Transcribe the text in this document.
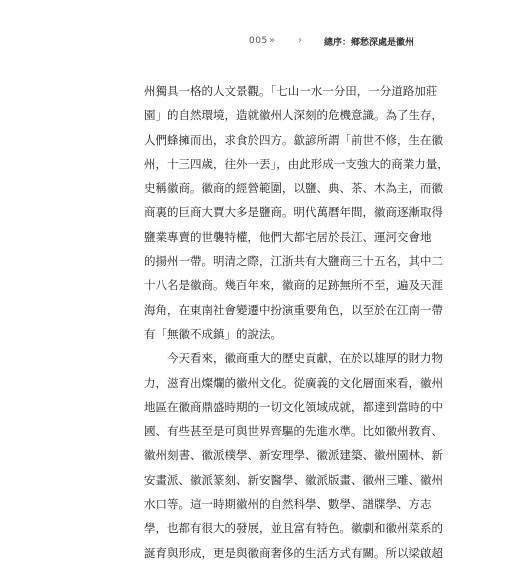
005 » › 總序：鄉愁深處是徽州
州獨具一格的人文景觀。「七山一水一分田，一分道路加莊
園」的自然環境，造就徽州人深刻的危機意識。為了生存，
人們蜂擁而出，求食於四方。歙諺所謂「前世不修，生在徽
州，十三四歲，往外一丟」，由此形成一支強大的商業力量，
史稱徽商。徽商的經營範圍，以鹽、典、茶、木為主，而徽
商裏的巨商大賈大多是鹽商。明代萬曆年間，徽商逐漸取得
鹽業專賣的世襲特權，他們大都宅居於長江、運河交會地
的揚州一帶。明清之際，江浙共有大鹽商三十五名，其中二
十八名是徽商。幾百年來，徽商的足跡無所不至，遍及天涯
海角，在東南社會變遷中扮演重要角色，以至於在江南一帶
有「無徽不成鎮」的說法。
今天看來，徽商重大的歷史貢獻，在於以雄厚的財力物
力，滋育出燦爛的徽州文化。從廣義的文化層面來看，徽州
地區在徽商鼎盛時期的一切文化領域成就，都達到當時的中
國、有些甚至是可與世界齊驅的先進水準。比如徽州教育、
徽州刻書、徽派樸學、新安理學、徽派建築、徽州園林、新
安畫派、徽派篆刻、新安醫學、徽派版畫、徽州三雕、徽州
水口等。這一時期徽州的自然科學、數學、譜牒學、方志
學，也都有很大的發展，並且富有特色。徽劇和徽州菜系的
誕育與形成，更是與徽商奢侈的生活方式有關。所以梁啟超
